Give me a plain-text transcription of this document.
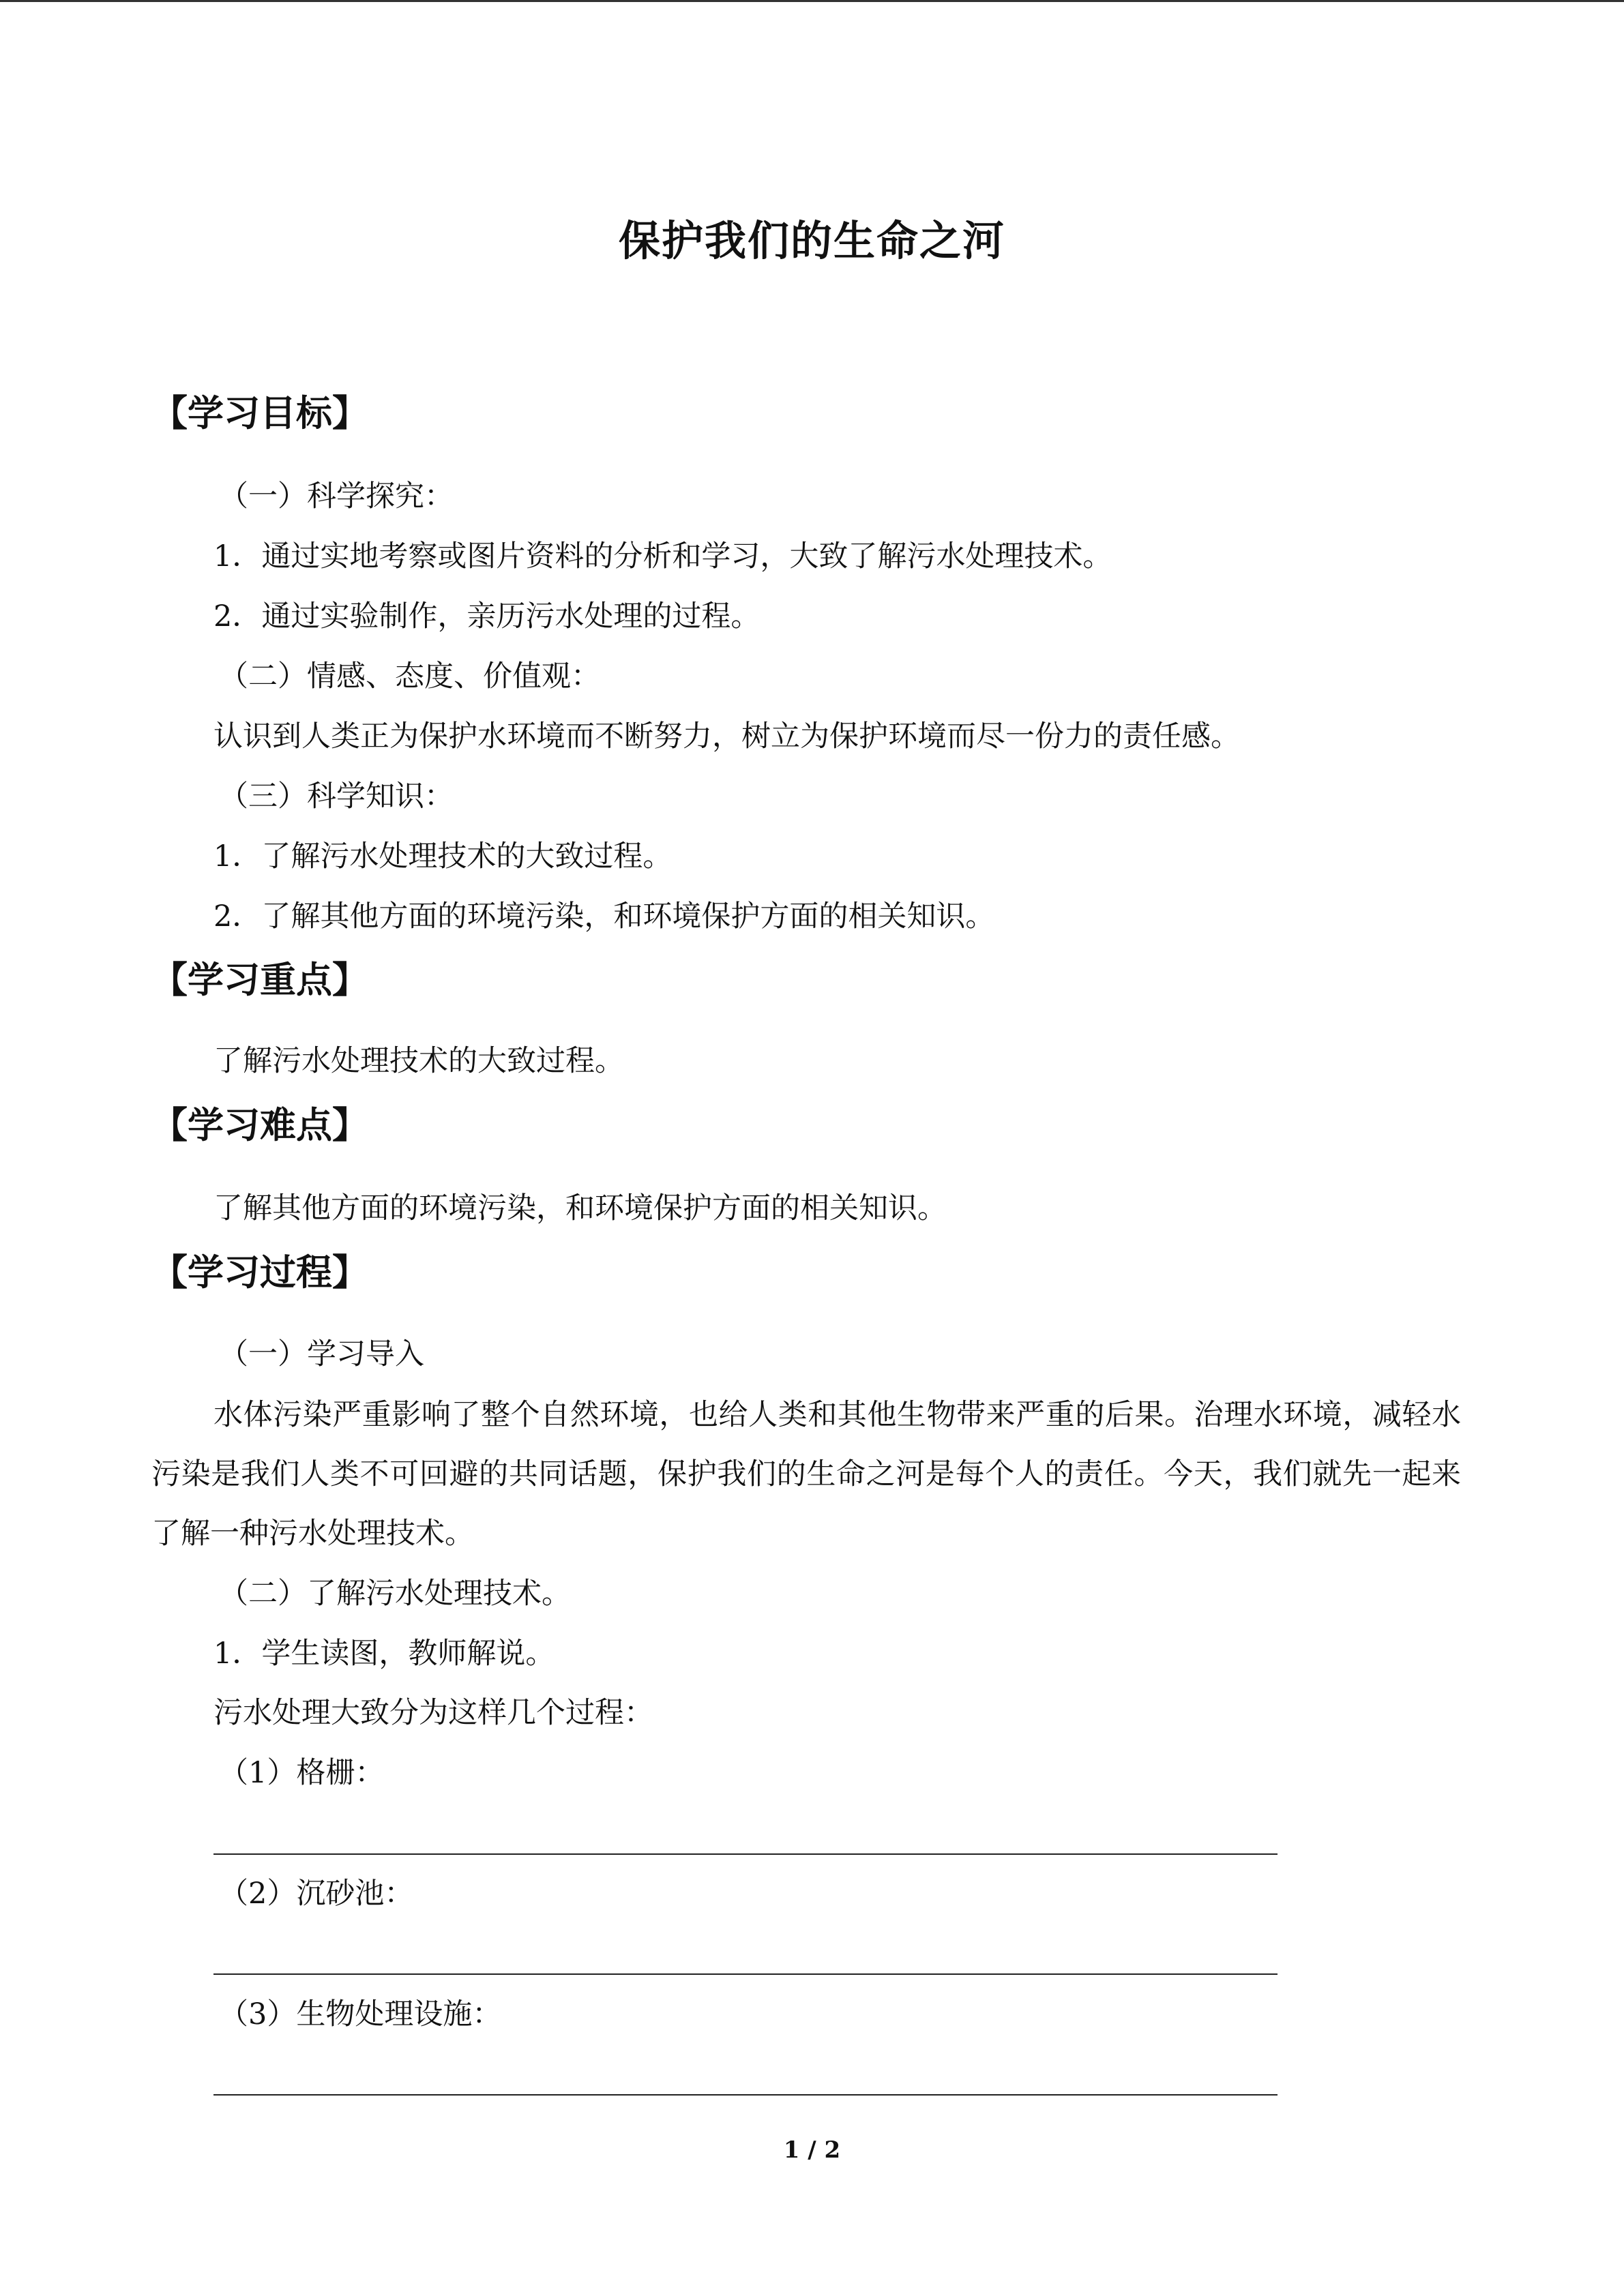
保护我们的生命之河
【学习目标】
（一）科学探究：
1．通过实地考察或图片资料的分析和学习，大致了解污水处理技术。
2．通过实验制作，亲历污水处理的过程。
（二）情感、态度、价值观：
认识到人类正为保护水环境而不断努力，树立为保护环境而尽一份力的责任感。
（三）科学知识：
1．了解污水处理技术的大致过程。
2．了解其他方面的环境污染，和环境保护方面的相关知识。
【学习重点】
了解污水处理技术的大致过程。
【学习难点】
了解其他方面的环境污染，和环境保护方面的相关知识。
【学习过程】
（一）学习导入
水体污染严重影响了整个自然环境，也给人类和其他生物带来严重的后果。治理水环境，减轻水污染是我们人类不可回避的共同话题，保护我们的生命之河是每个人的责任。今天，我们就先一起来了解一种污水处理技术。
（二）了解污水处理技术。
1．学生读图，教师解说。
污水处理大致分为这样几个过程：
（1）格栅：
（2）沉砂池：
（3）生物处理设施：
1 / 2
